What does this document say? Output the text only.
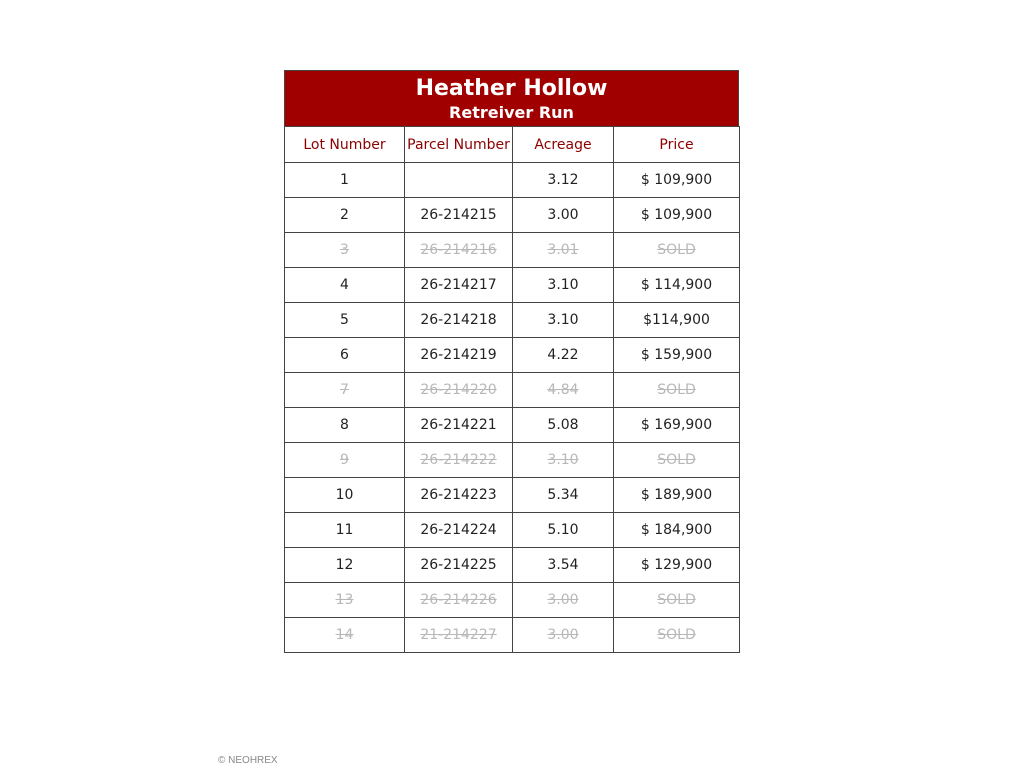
Heather Hollow
Retreiver Run
Lot Number	Parcel Number	Acreage	Price
1		3.12	$ 109,900
2	26-214215	3.00	$ 109,900
3	26-214216	3.01	SOLD
4	26-214217	3.10	$ 114,900
5	26-214218	3.10	$114,900
6	26-214219	4.22	$ 159,900
7	26-214220	4.84	SOLD
8	26-214221	5.08	$ 169,900
9	26-214222	3.10	SOLD
10	26-214223	5.34	$ 189,900
11	26-214224	5.10	$ 184,900
12	26-214225	3.54	$ 129,900
13	26-214226	3.00	SOLD
14	21-214227	3.00	SOLD
© NEOHREX
